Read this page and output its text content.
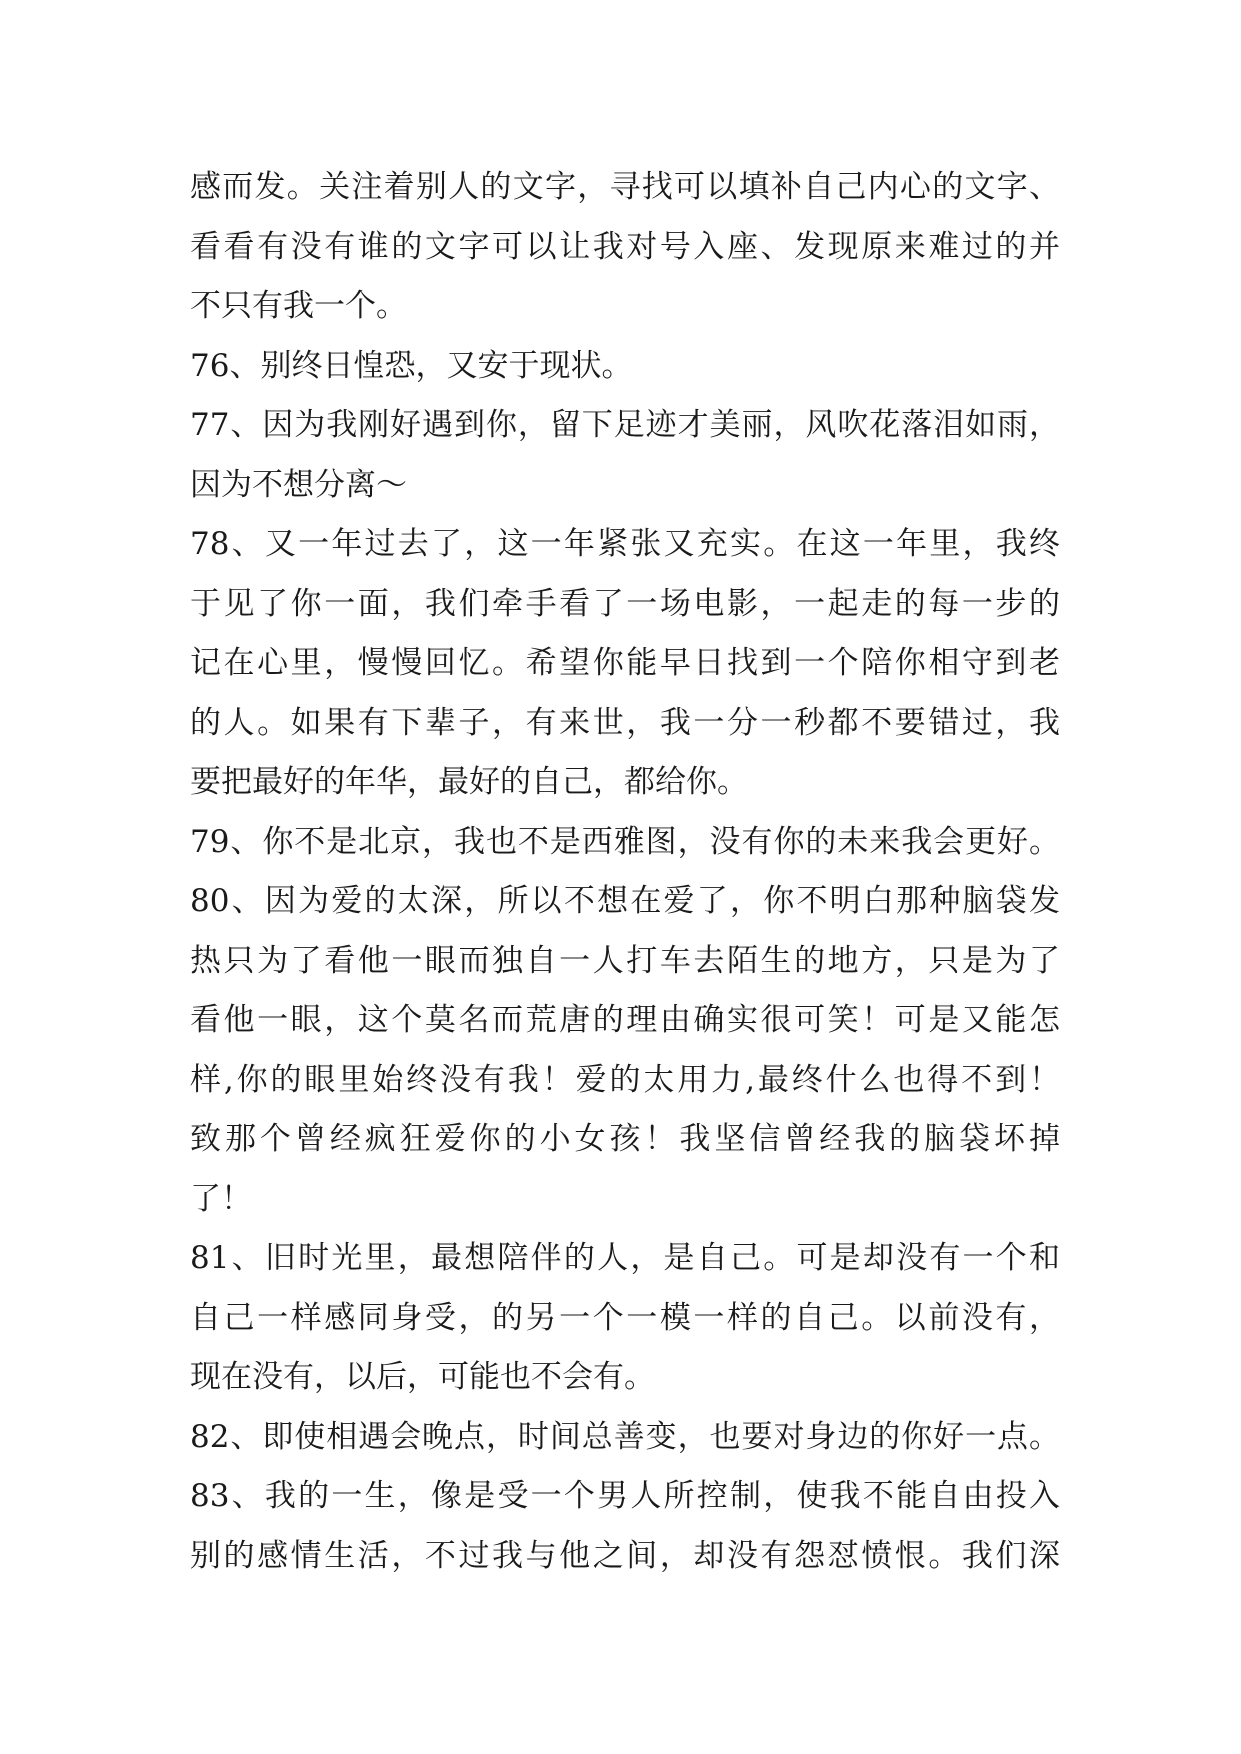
感而发。关注着别人的文字，寻找可以填补自己内心的文字、
看看有没有谁的文字可以让我对号入座、发现原来难过的并
不只有我一个。
76、别终日惶恐，又安于现状。
77、因为我刚好遇到你，留下足迹才美丽，风吹花落泪如雨，
因为不想分离～
78、又一年过去了，这一年紧张又充实。在这一年里，我终
于见了你一面，我们牵手看了一场电影，一起走的每一步的
记在心里，慢慢回忆。希望你能早日找到一个陪你相守到老
的人。如果有下辈子，有来世，我一分一秒都不要错过，我
要把最好的年华，最好的自己，都给你。
79、你不是北京，我也不是西雅图，没有你的未来我会更好。
80、因为爱的太深，所以不想在爱了，你不明白那种脑袋发
热只为了看他一眼而独自一人打车去陌生的地方，只是为了
看他一眼，这个莫名而荒唐的理由确实很可笑！可是又能怎
样,你的眼里始终没有我！爱的太用力,最终什么也得不到！
致那个曾经疯狂爱你的小女孩！我坚信曾经我的脑袋坏掉
了！
81、旧时光里，最想陪伴的人，是自己。可是却没有一个和
自己一样感同身受，的另一个一模一样的自己。以前没有，
现在没有，以后，可能也不会有。
82、即使相遇会晚点，时间总善变，也要对身边的你好一点。
83、我的一生，像是受一个男人所控制，使我不能自由投入
别的感情生活，不过我与他之间，却没有怨怼愤恨。我们深
